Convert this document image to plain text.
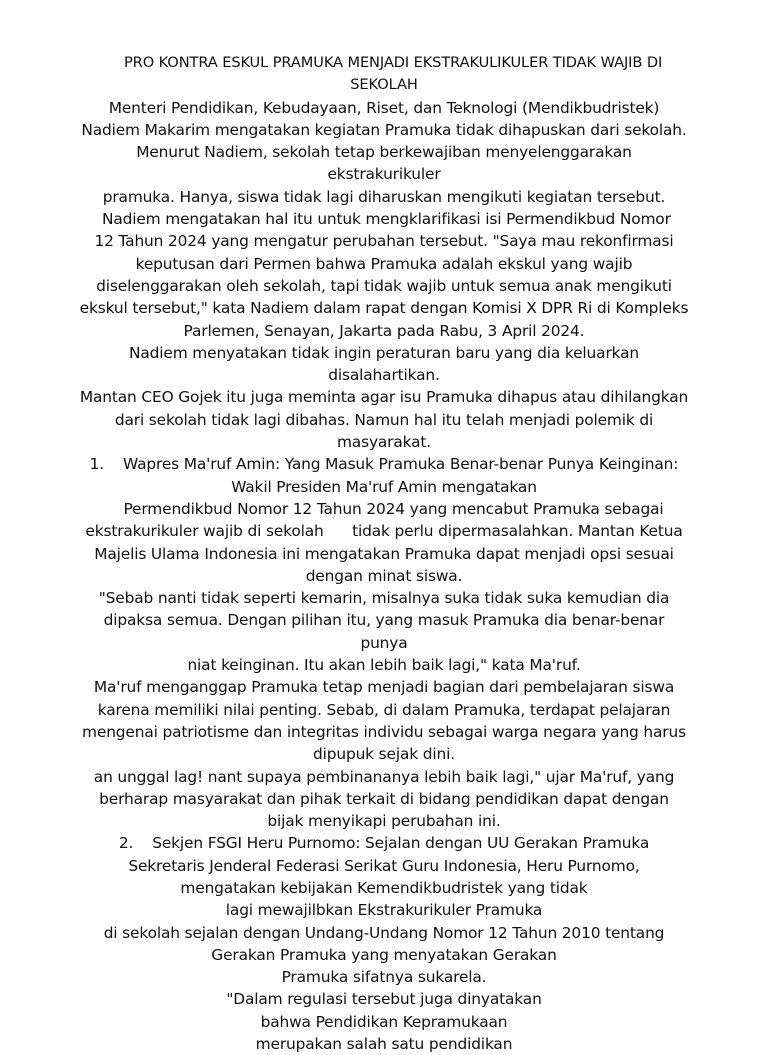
PRO KONTRA ESKUL PRAMUKA MENJADI EKSTRAKULIKULER TIDAK WAJIB DI
SEKOLAH
Menteri Pendidikan, Kebudayaan, Riset, dan Teknologi (Mendikbudristek)
Nadiem Makarim mengatakan kegiatan Pramuka tidak dihapuskan dari sekolah.
Menurut Nadiem, sekolah tetap berkewajiban menyelenggarakan
ekstrakurikuler
pramuka. Hanya, siswa tidak lagi diharuskan mengikuti kegiatan tersebut.
Nadiem mengatakan hal itu untuk mengklarifikasi isi Permendikbud Nomor
12 Tahun 2024 yang mengatur perubahan tersebut. "Saya mau rekonfirmasi
keputusan dari Permen bahwa Pramuka adalah ekskul yang wajib
diselenggarakan oleh sekolah, tapi tidak wajib untuk semua anak mengikuti
ekskul tersebut," kata Nadiem dalam rapat dengan Komisi X DPR Ri di Kompleks
Parlemen, Senayan, Jakarta pada Rabu, 3 April 2024.
Nadiem menyatakan tidak ingin peraturan baru yang dia keluarkan
disalahartikan.
Mantan CEO Gojek itu juga meminta agar isu Pramuka dihapus atau dihilangkan
dari sekolah tidak lagi dibahas. Namun hal itu telah menjadi polemik di
masyarakat.
1.    Wapres Ma'ruf Amin: Yang Masuk Pramuka Benar-benar Punya Keinginan:
Wakil Presiden Ma'ruf Amin mengatakan
Permendikbud Nomor 12 Tahun 2024 yang mencabut Pramuka sebagai
ekstrakurikuler wajib di sekolah      tidak perlu dipermasalahkan. Mantan Ketua
Majelis Ulama Indonesia ini mengatakan Pramuka dapat menjadi opsi sesuai
dengan minat siswa.
"Sebab nanti tidak seperti kemarin, misalnya suka tidak suka kemudian dia
dipaksa semua. Dengan pilihan itu, yang masuk Pramuka dia benar-benar
punya
niat keinginan. Itu akan lebih baik lagi," kata Ma'ruf.
Ma'ruf menganggap Pramuka tetap menjadi bagian dari pembelajaran siswa
karena memiliki nilai penting. Sebab, di dalam Pramuka, terdapat pelajaran
mengenai patriotisme dan integritas individu sebagai warga negara yang harus
dipupuk sejak dini.
an unggal lag! nant supaya pembinananya lebih baik lagi," ujar Ma'ruf, yang
berharap masyarakat dan pihak terkait di bidang pendidikan dapat dengan
bijak menyikapi perubahan ini.
2.    Sekjen FSGI Heru Purnomo: Sejalan dengan UU Gerakan Pramuka
Sekretaris Jenderal Federasi Serikat Guru Indonesia, Heru Purnomo,
mengatakan kebijakan Kemendikbudristek yang tidak
lagi mewajilbkan Ekstrakurikuler Pramuka
di sekolah sejalan dengan Undang-Undang Nomor 12 Tahun 2010 tentang
Gerakan Pramuka yang menyatakan Gerakan
Pramuka sifatnya sukarela.
"Dalam regulasi tersebut juga dinyatakan
bahwa Pendidikan Kepramukaan
merupakan salah satu pendidikan
